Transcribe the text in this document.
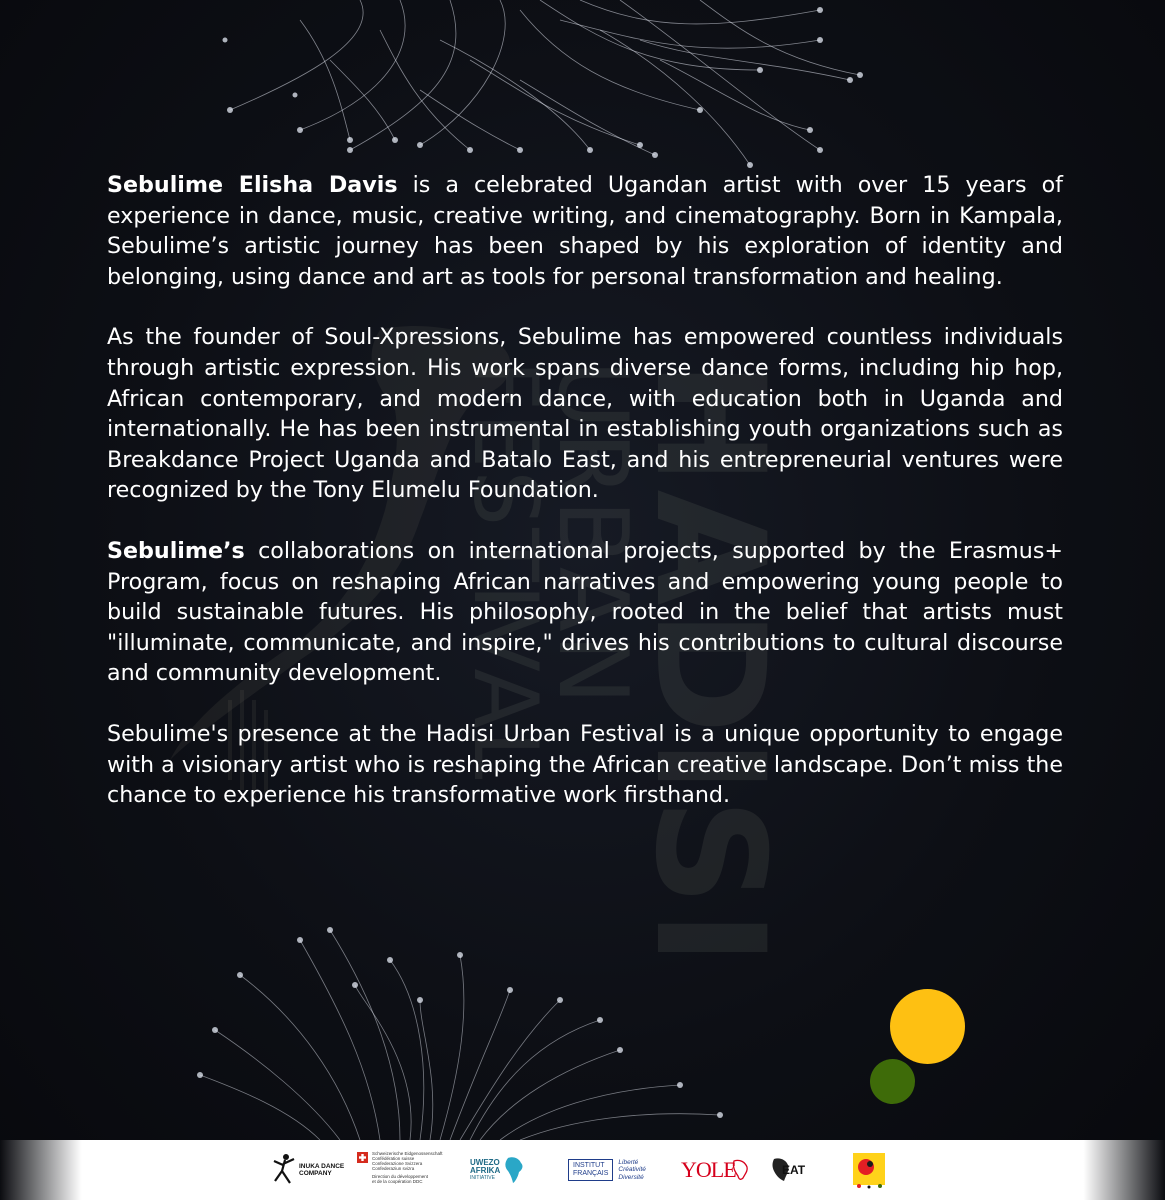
HADISI
URBAN
FESTIVAL

Sebulime Elisha Davis is a celebrated Ugandan artist with over 15 years of experience in dance, music, creative writing, and cinematography. Born in Kampala, Sebulime’s artistic journey has been shaped by his exploration of identity and belonging, using dance and art as tools for personal transformation and healing.

As the founder of Soul-Xpressions, Sebulime has empowered countless individuals through artistic expression. His work spans diverse dance forms, including hip hop, African contemporary, and modern dance, with education both in Uganda and internationally. He has been instrumental in establishing youth organizations such as Breakdance Project Uganda and Batalo East, and his entrepreneurial ventures were recognized by the Tony Elumelu Foundation.

Sebulime’s collaborations on international projects, supported by the Erasmus+ Program, focus on reshaping African narratives and empowering young people to build sustainable futures. His philosophy, rooted in the belief that artists must "illuminate, communicate, and inspire," drives his contributions to cultural discourse and community development.

Sebulime's presence at the Hadisi Urban Festival is a unique opportunity to engage with a visionary artist who is reshaping the African creative landscape. Don’t miss the chance to experience his transformative work firsthand.

INUKA DANCE
COMPANY
Schweizerische Eidgenossenschaft
Confédération suisse
Confederazione Svizzera
Confederaziun svizra
Direction du développement
et de la coopération DDC
UWEZO
AFRIKA
INITIATIVE
INSTITUT
FRANÇAIS
Liberté
Créativité
Diversité YOLE	EAT
